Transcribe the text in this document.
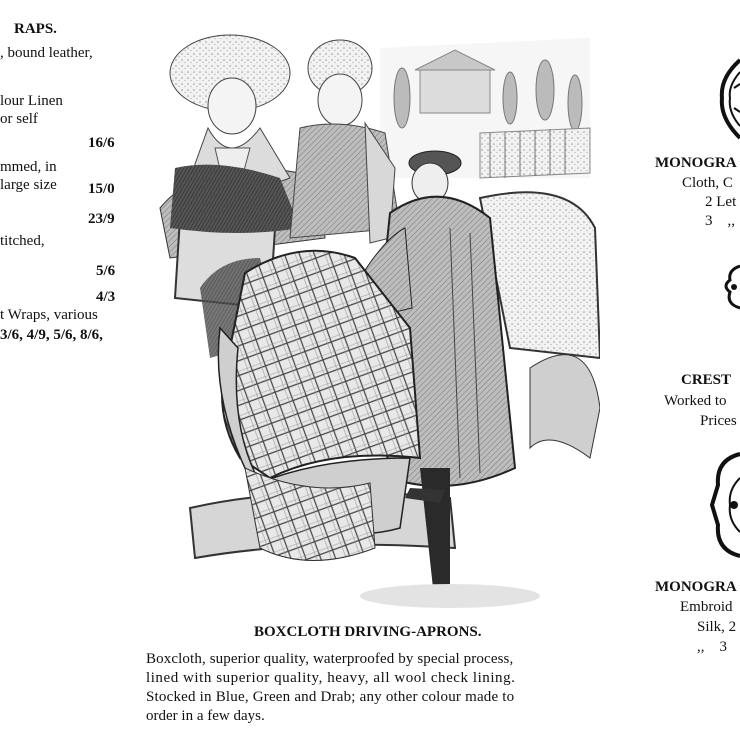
RAPS.
, bound leather,
lour Linen
or self
16/6
mmed, in
large size 15/0
23/9
titched,
5/6
4/3
t Wraps, various
3/6, 4/9, 5/6, 8/6,
BOXCLOTH DRIVING-APRONS.
Boxcloth, superior quality, waterproofed by special process,
lined with superior quality, heavy, all wool check lining.
Stocked in Blue, Green and Drab; any other colour made to
order in a few days.
MONOGRA
Cloth, C
2 Let
3    ,,
CREST
Worked to
Prices
MONOGRA
Embroid
Silk, 2
,,    3
